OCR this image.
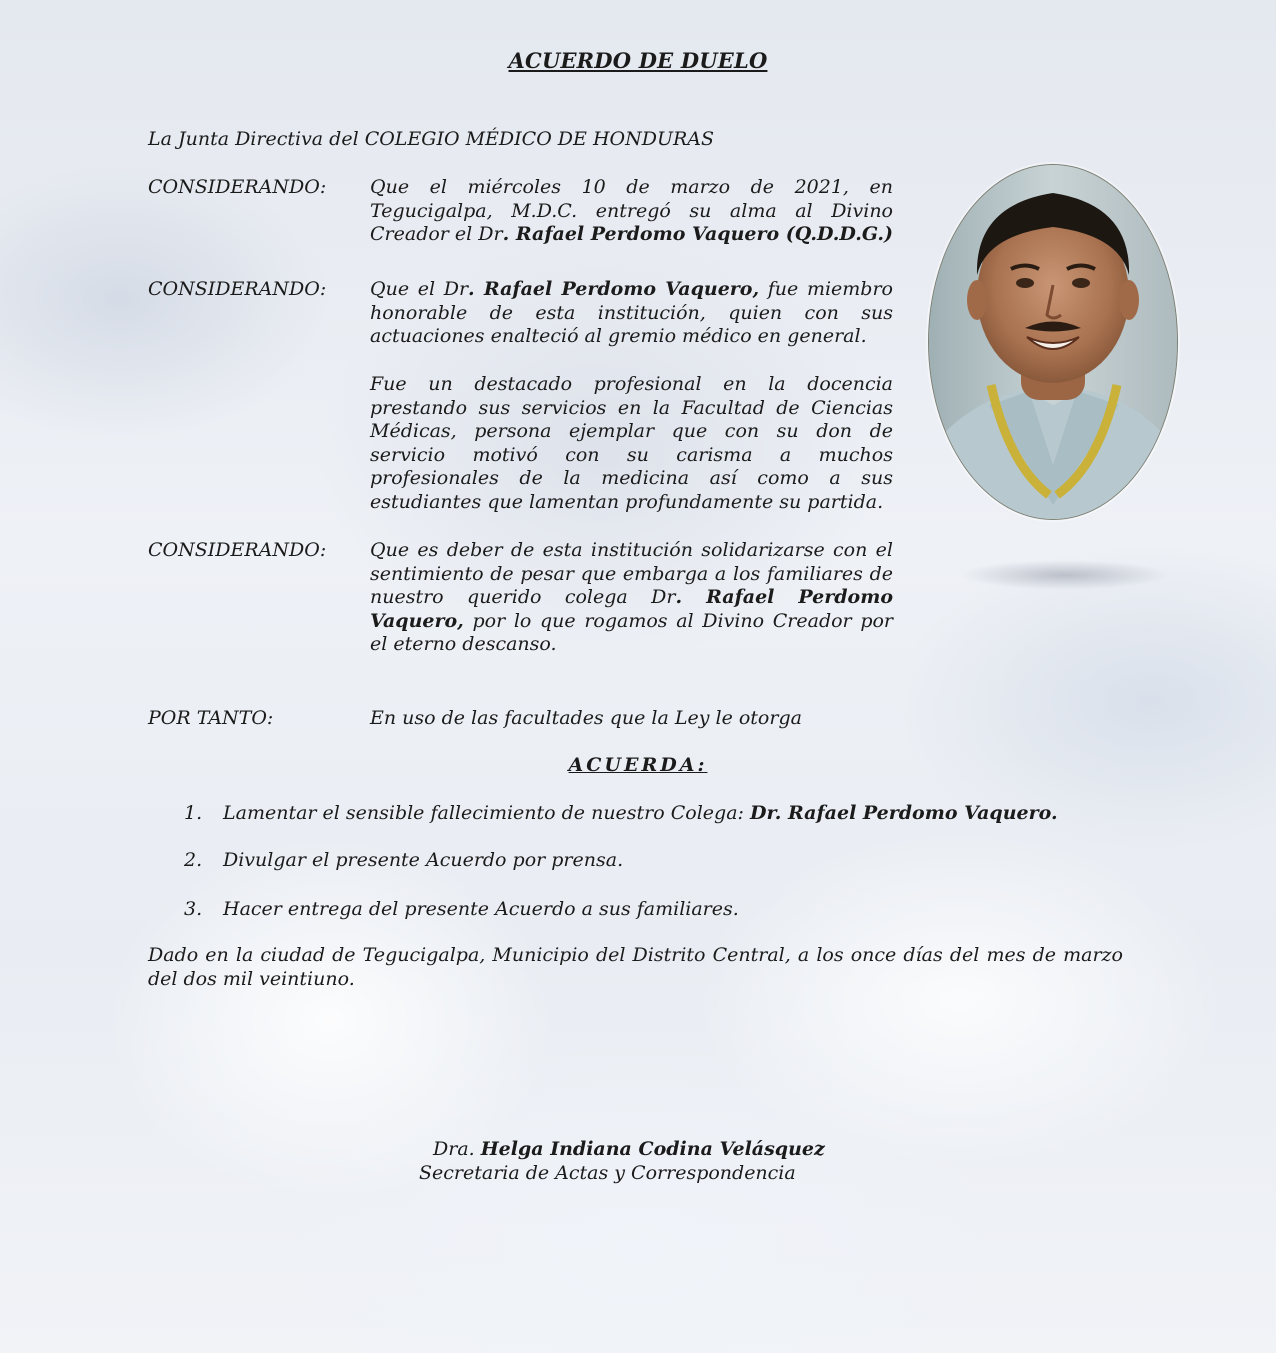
ACUERDO DE DUELO
La Junta Directiva del COLEGIO MÉDICO DE HONDURAS
CONSIDERANDO: Que el miércoles 10 de marzo de 2021, en Tegucigalpa, M.D.C. entregó su alma al Divino Creador el Dr. Rafael Perdomo Vaquero (Q.D.D.G.)
CONSIDERANDO: Que el Dr. Rafael Perdomo Vaquero, fue miembro honorable de esta institución, quien con sus actuaciones enalteció al gremio médico en general.
Fue un destacado profesional en la docencia prestando sus servicios en la Facultad de Ciencias Médicas, persona ejemplar que con su don de servicio motivó con su carisma a muchos profesionales de la medicina así como a sus estudiantes que lamentan profundamente su partida.
CONSIDERANDO: Que es deber de esta institución solidarizarse con el sentimiento de pesar que embarga a los familiares de nuestro querido colega Dr. Rafael Perdomo Vaquero, por lo que rogamos al Divino Creador por el eterno descanso.
POR TANTO:	En uso de las facultades que la Ley le otorga
ACUERDA:
1. Lamentar el sensible fallecimiento de nuestro Colega: Dr. Rafael Perdomo Vaquero.
2. Divulgar el presente Acuerdo por prensa.
3. Hacer entrega del presente Acuerdo a sus familiares.
Dado en la ciudad de Tegucigalpa, Municipio del Distrito Central, a los once días del mes de marzo del dos mil veintiuno.
Dra. Helga Indiana Codina Velásquez
Secretaria de Actas y Correspondencia
